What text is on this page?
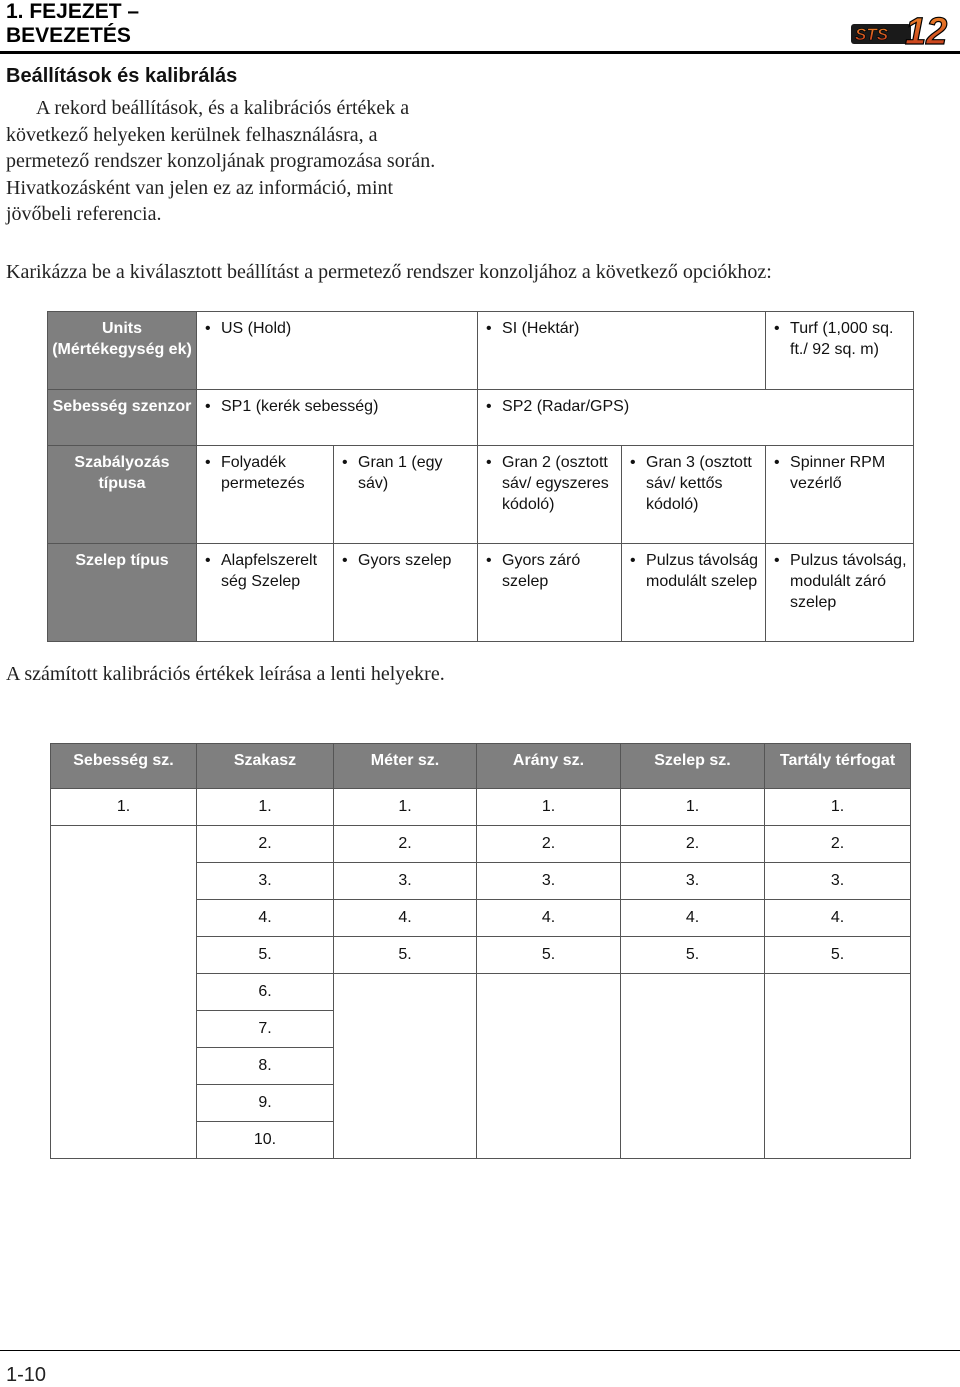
1. FEJEZET –
BEVEZETÉS	STS 12
Beállítások és kalibrálás
A rekord beállítások, és a kalibrációs értékek a következő helyeken kerülnek felhasználásra, a permetező rendszer konzoljának programozása során. Hivatkozásként van jelen ez az információ, mint jövőbeli referencia.
Karikázza be a kiválasztott beállítást a permetező rendszer konzoljához a következő opciókhoz:
Units (Mértékegység ek)	• US (Hold)		• SI (Hektár)		• Turf (1,000 sq. ft./ 92 sq. m)

Sebesség szenzor	• SP1 (kerék sebesség)		• SP2 (Radar/GPS)		

Szabályozás típusa	• Folyadék permetezés	• Gran 1 (egy sáv)	• Gran 2 (osztott sáv/ egyszeres kódoló)	• Gran 3 (osztott sáv/ kettős kódoló)	• Spinner RPM vezérlő

Szelep típus	• Alapfelszerelt ség Szelep	• Gyors szelep	• Gyors záró szelep	• Pulzus távolság modulált szelep	• Pulzus távolság, modulált záró szelep
A számított kalibrációs értékek leírása a lenti helyekre.
Sebesség sz.	Szakasz	Méter sz.	Arány sz.	Szelep sz.	Tartály térfogat
1.	1.	1.	1.	1.	1.
	2.	2.	2.	2.	2.
	3.	3.	3.	3.	3.
	4.	4.	4.	4.	4.
	5.	5.	5.	5.	5.
	6.				
	7.				
	8.				
	9.				
	10.				
1-10
